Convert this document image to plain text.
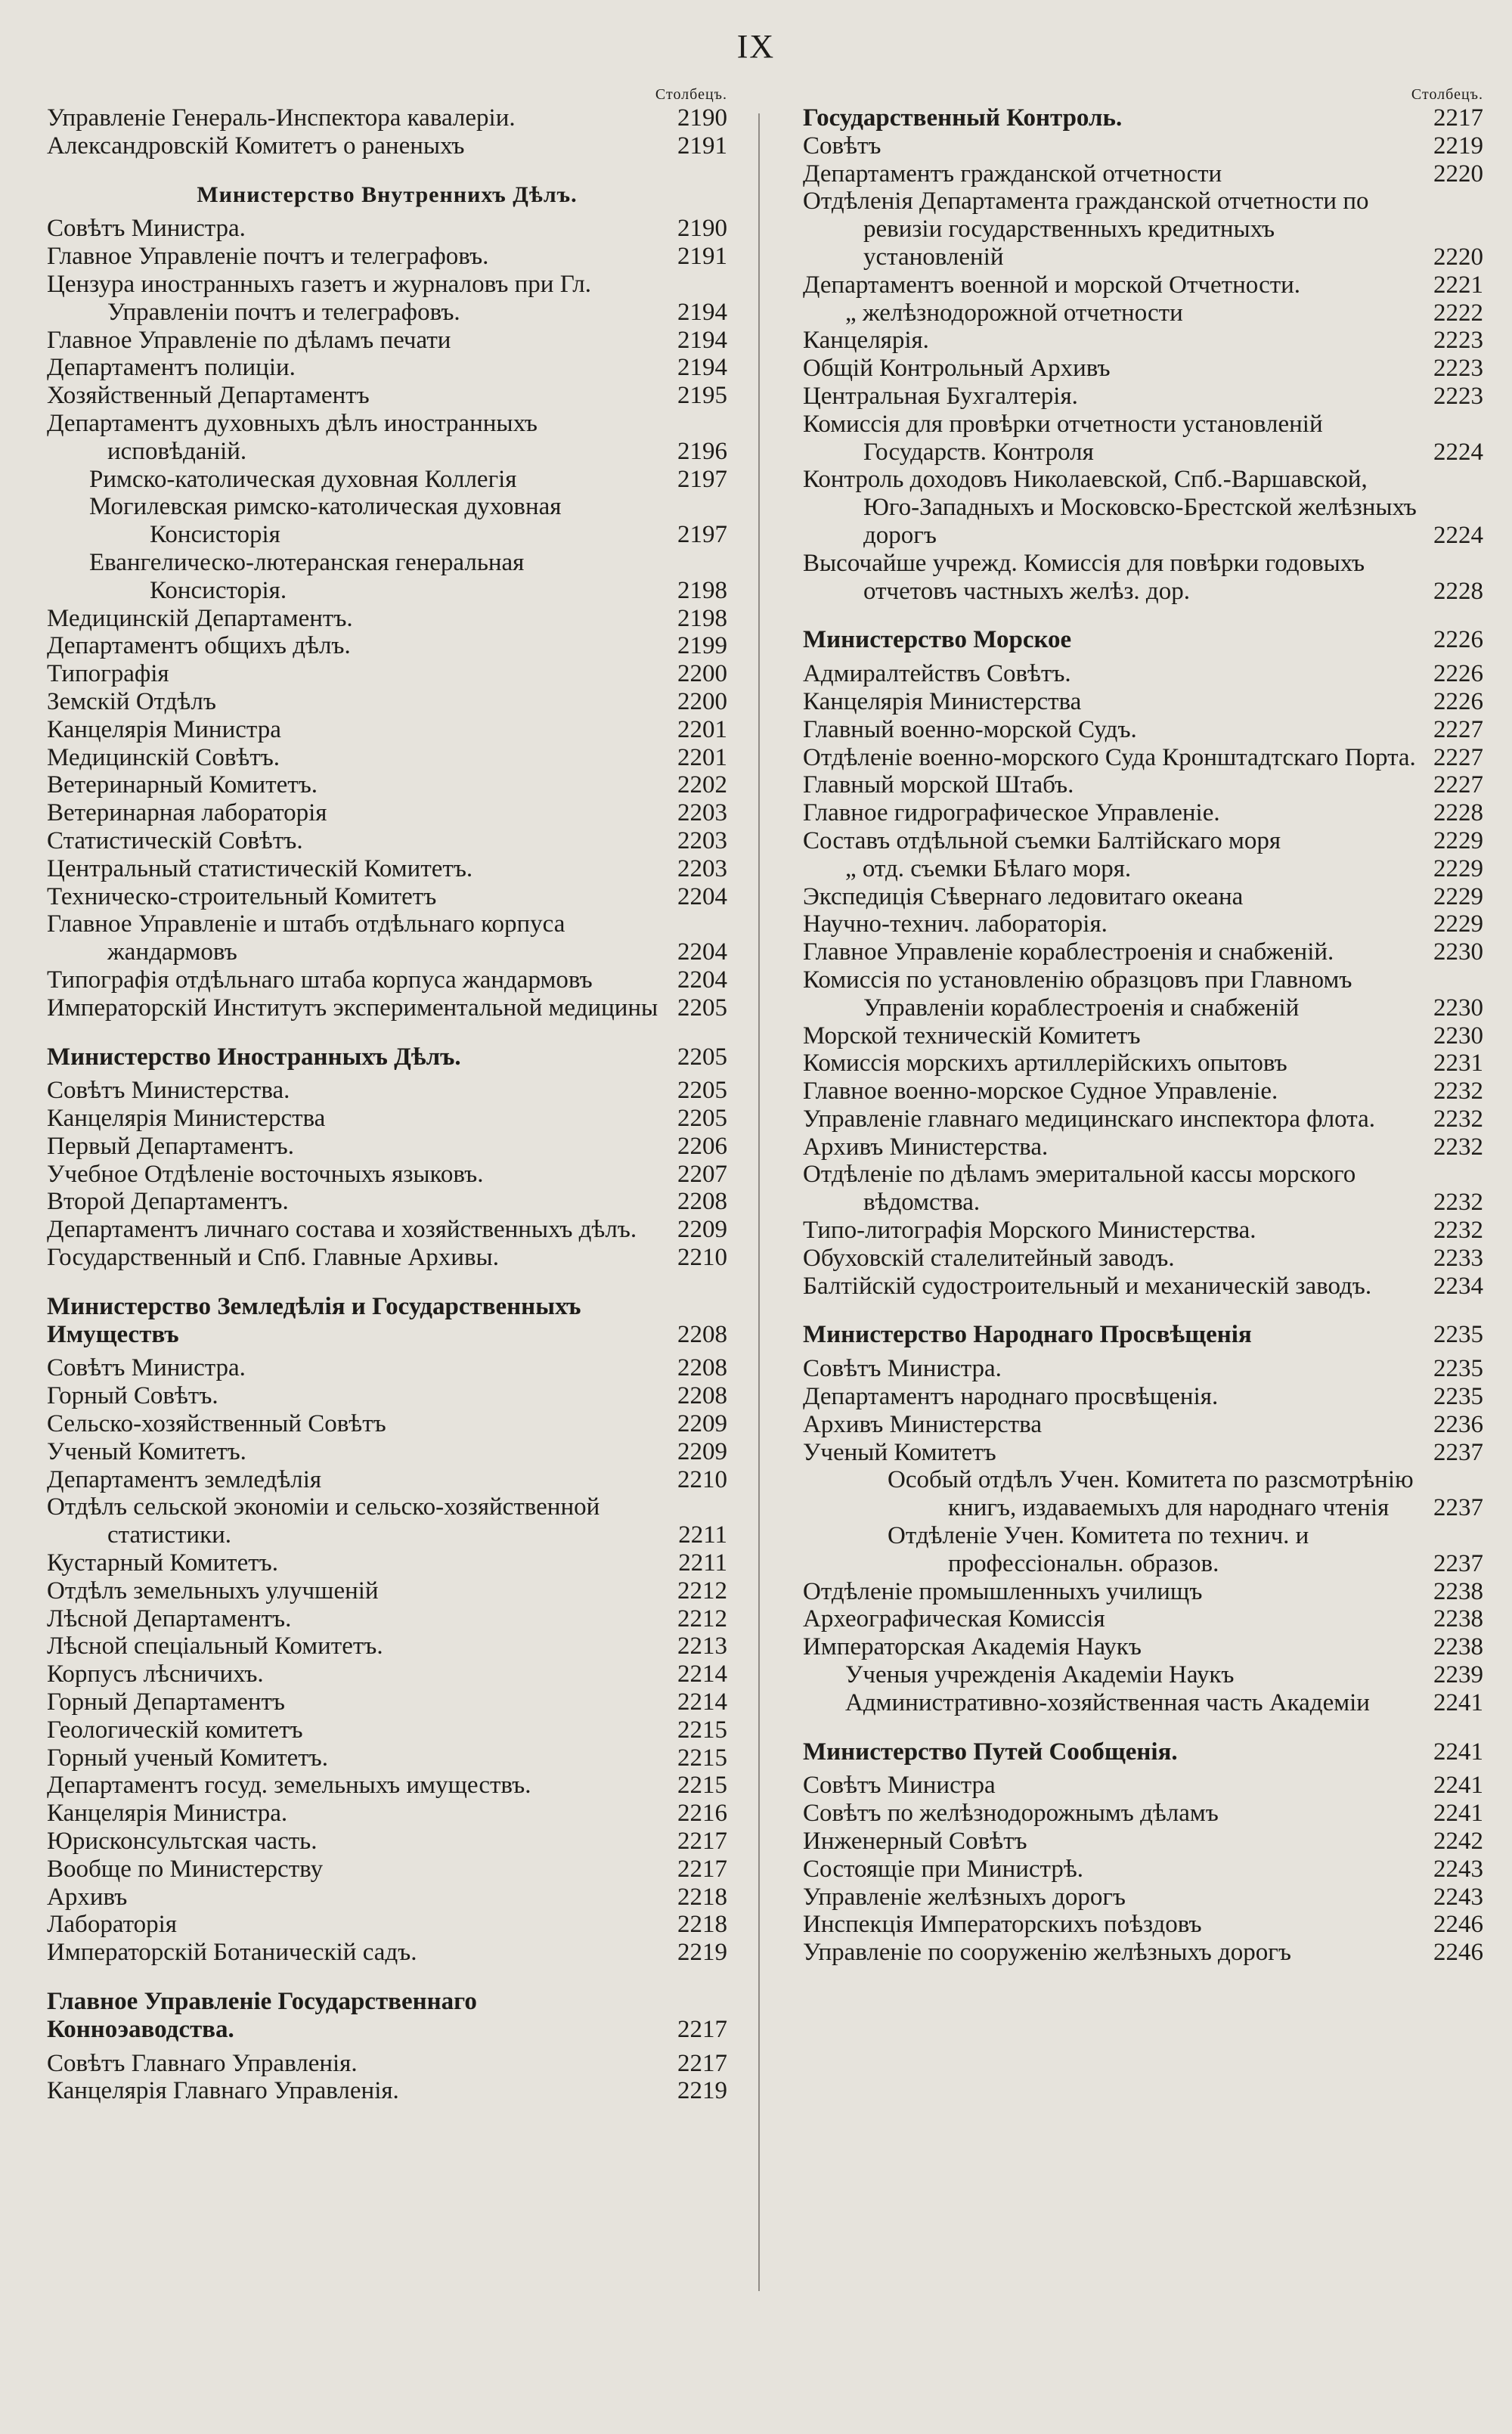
IX
Столбецъ.
Управленіе Генераль-Инспектора кавалеріи.	2190
Александровскій Комитетъ о раненыхъ	2191
Министерство Внутреннихъ Дѣлъ.
Совѣтъ Министра.	2190
Главное Управленіе почтъ и телеграфовъ.	2191
Цензура иностранныхъ газетъ и журналовъ при Гл. Управленіи почтъ и телеграфовъ.	2194
Главное Управленіе по дѣламъ печати	2194
Департаментъ полиціи.	2194
Хозяйственный Департаментъ	2195
Департаментъ духовныхъ дѣлъ иностранныхъ исповѣданій.	2196
Римско-католическая духовная Коллегія	2197
Могилевская римско-католическая духовная Консисторія	2197
Евангелическо-лютеранская генеральная Консисторія.	2198
Медицинскій Департаментъ.	2198
Департаментъ общихъ дѣлъ.	2199
Типографія	2200
Земскій Отдѣлъ	2200
Канцелярія Министра	2201
Медицинскій Совѣтъ.	2201
Ветеринарный Комитетъ.	2202
Ветеринарная лабораторія	2203
Статистическій Совѣтъ.	2203
Центральный статистическій Комитетъ.	2203
Техническо-строительный Комитетъ	2204
Главное Управленіе и штабъ отдѣльнаго корпуса жандармовъ	2204
Типографія отдѣльнаго штаба корпуса жандармовъ	2204
Императорскій Институтъ экспериментальной медицины 2205
Министерство Иностранныхъ Дѣлъ.	2205
Совѣтъ Министерства.	2205
Канцелярія Министерства	2205
Первый Департаментъ.	2206
Учебное Отдѣленіе восточныхъ языковъ.	2207
Второй Департаментъ.	2208
Департаментъ личнаго состава и хозяйственныхъ дѣлъ.	2209
Государственный и Спб. Главные Архивы.	2210
Министерство Земледѣлія и Государственныхъ Имуществъ	2208
Совѣтъ Министра.	2208
Горный Совѣтъ.	2208
Сельско-хозяйственный Совѣтъ	2209
Ученый Комитетъ.	2209
Департаментъ земледѣлія	2210
Отдѣлъ сельской экономіи и сельско-хозяйственной статистики.	2211
Кустарный Комитетъ.	2211
Отдѣлъ земельныхъ улучшеній	2212
Лѣсной Департаментъ.	2212
Лѣсной спеціальный Комитетъ.	2213
Корпусъ лѣсничихъ.	2214
Горный Департаментъ	2214
Геологическій комитетъ	2215
Горный ученый Комитетъ.	2215
Департаментъ госуд. земельныхъ имуществъ.	2215
Канцелярія Министра.	2216
Юрисконсультская часть.	2217
Вообще по Министерству	2217
Архивъ	2218
Лабораторія	2218
Императорскій Ботаническій садъ.	2219
Главное Управленіе Государственнаго Конноэаводства.	2217
Совѣтъ Главнаго Управленія.	2217
Канцелярія Главнаго Управленія.	2219
Столбецъ.
Государственный Контроль.	2217
Совѣтъ	2219
Департаментъ гражданской отчетности	2220
Отдѣленія Департамента гражданской отчетности по ревизіи государственныхъ кредитныхъ установленій	2220
Департаментъ военной и морской Отчетности.	2221
„ желѣзнодорожной отчетности	2222
Канцелярія.	2223
Общій Контрольный Архивъ	2223
Центральная Бухгалтерія.	2223
Комиссія для провѣрки отчетности установленій Государств. Контроля	2224
Контроль доходовъ Николаевской, Спб.-Варшавской, Юго-Западныхъ и Московско-Брестской желѣзныхъ дорогъ	2224
Высочайше учрежд. Комиссія для повѣрки годовыхъ отчетовъ частныхъ желѣз. дор.	2228
Министерство Морское	2226
Адмиралтействъ Совѣтъ.	2226
Канцелярія Министерства	2226
Главный военно-морской Судъ.	2227
Отдѣленіе военно-морского Суда Кронштадтскаго Порта. 2227
Главный морской Штабъ.	2227
Главное гидрографическое Управленіе.	2228
Составъ отдѣльной съемки Балтійскаго моря	2229
„ отд. съемки Бѣлаго моря.	2229
Экспедиція Сѣвернаго ледовитаго океана	2229
Научно-технич. лабораторія.	2229
Главное Управленіе кораблестроенія и снабженій.	2230
Комиссія по установленію образцовъ при Главномъ Управленіи кораблестроенія и снабженій	2230
Морской техническій Комитетъ	2230
Комиссія морскихъ артиллерійскихъ опытовъ	2231
Главное военно-морское Судное Управленіе.	2232
Управленіе главнаго медицинскаго инспектора флота.	2232
Архивъ Министерства.	2232
Отдѣленіе по дѣламъ эмеритальной кассы морского вѣдомства.	2232
Типо-литографія Морского Министерства.	2232
Обуховскій сталелитейный заводъ.	2233
Балтійскій судостроительный и механическій заводъ.	2234
Министерство Народнаго Просвѣщенія	2235
Совѣтъ Министра.	2235
Департаментъ народнаго просвѣщенія.	2235
Архивъ Министерства	2236
Ученый Комитетъ	2237
Особый отдѣлъ Учен. Комитета по разсмотрѣнію книгъ, издаваемыхъ для народнаго чтенія	2237
Отдѣленіе Учен. Комитета по технич. и профессіональн. образов.	2237
Отдѣленіе промышленныхъ училищъ	2238
Археографическая Комиссія	2238
Императорская Академія Наукъ	2238
Ученыя учрежденія Академіи Наукъ	2239
Административно-хозяйственная часть Академіи	2241
Министерство Путей Сообщенія.	2241
Совѣтъ Министра	2241
Совѣтъ по желѣзнодорожнымъ дѣламъ	2241
Инженерный Совѣтъ	2242
Состоящіе при Министрѣ.	2243
Управленіе желѣзныхъ дорогъ	2243
Инспекція Императорскихъ поѣздовъ	2246
Управленіе по сооруженію желѣзныхъ дорогъ	2246
